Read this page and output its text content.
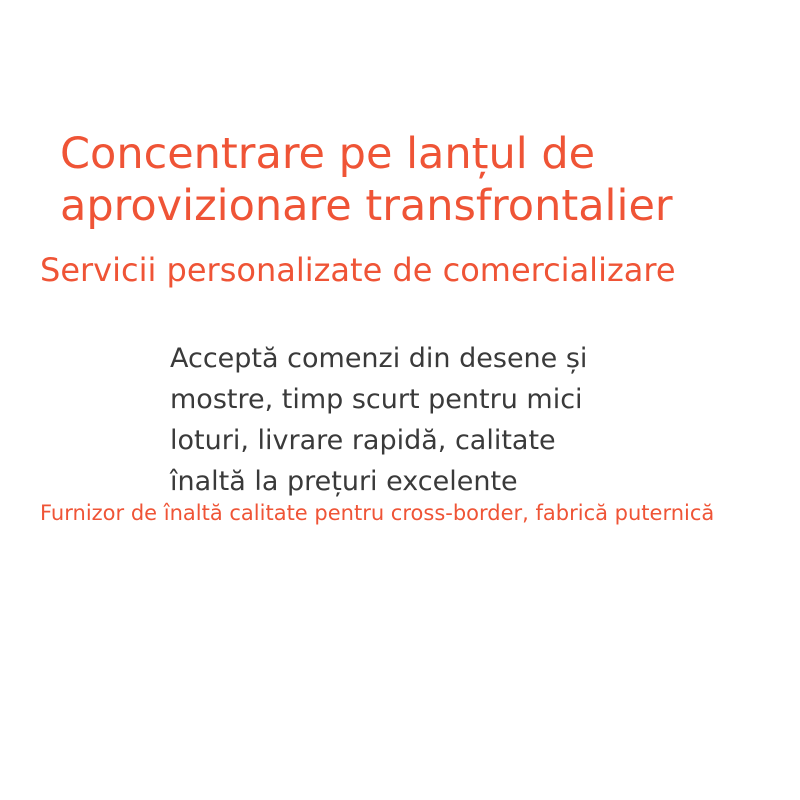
Concentrare pe lanțul de aprovizionare transfrontalier
Servicii personalizate de comercializare

Acceptă comenzi din desene și mostre, timp scurt pentru mici loturi, livrare rapidă, calitate înaltă la prețuri excelente

Furnizor de înaltă calitate pentru cross-border, fabrică puternică
